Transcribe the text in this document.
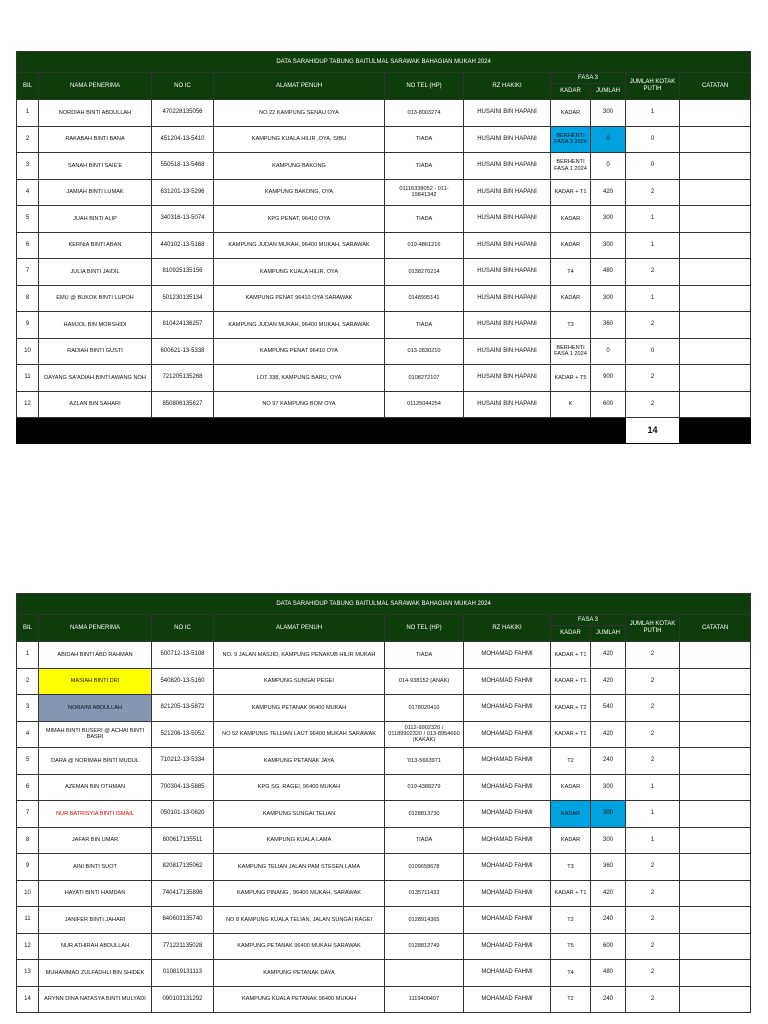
DATA SARAHIDUP TABUNG BAITULMAL SARAWAK BAHAGIAN MUKAH 2024									
BIL	NAMA PENERIMA	NO IC	ALAMAT PENUH	NO TEL (HP)	RZ HAKIKI	FASA 3		JUMLAH KOTAK PUTIH	CATATAN
						KADAR	JUMLAH		
1	NORDIAH BINTI ABDULLAH	470228135056	NO 22 KAMPUNG SENAU OYA	013-8003274	HUSAINI BIN HAPANI	KADAR	300	1	
2	RAKABAH BINTI BANA	451204-13-5410	KAMPUNG KUALA HILIR ,OYA, SIBU	TIADA	HUSAINI BIN HAPANI	BERHENTI FASA 3 2024	0	0	
3	SANAH BINTI SAIE'E	550518-13-5468	KAMPUNG BAKONG	TIADA	HUSAINI BIN HAPANI	BERHENTI FASA 1 2024	0	0	
4	JAMIAH BINTI LUMAK	631201-13-5296	KAMPUNG BAKONG, OYA	01116338052 - 011-19841342	HUSAINI BIN HAPANI	KADAR + T1	420	2	
5	JUAH BINTI ALIP	340316-13-5074	KPG PENAT, 96410 OYA	TIADA	HUSAINI BIN HAPANI	KADAR	300	1	
6	KERNIA BINTI ABAN	440102-13-5168	KAMPUNG JUDAN MUKAH, 96400 MUKAH, SARAWAK	019-4861216	HUSAINI BIN HAPANI	KADAR	300	1	
7	JULIA BINTI JAIDIL	810925135156	KAMPUNG KUALA HILIR, OYA	0138270214	HUSAINI BIN HAPANI	T4	480	2	
8	EMU @ BUKOK BINTI LUPOH	501230135134	KAMPUNG PENAT 96410 OYA SARAWAK	0148995141	HUSAINI BIN HAPANI	KADAR	300	1	
9	HAMJOL BIN MORSHIDI	810424136257	KAMPUNG JUDAN MUKAH, 96400 MUKAH, SARAWAK	TIADA	HUSAINI BIN HAPANI	T3	360	2	
10	RADIAH BINTI GUSTI	600621-13-5338	KAMPUNG PENAT 96410 OYA	013-2830210	HUSAINI BIN HAPANI	BERHENTI FASA 1 2024	0	0	
11	DAYANG SA'ADIAH BINTI AWANG NOH	721205135268	LOT 338, KAMPUNG BARU, OYA	0108272107	HUSAINI BIN HAPANI	KADAR + T5	900	2	
12	AZLAN BIN SAHARI	850806135627	NO 97 KAMPUNG BOM OYA	01125044254	HUSAINI BIN HAPANI	K	600	2	
								14	
DATA SARAHIDUP TABUNG BAITULMAL SARAWAK BAHAGIAN MUKAH 2024									
BIL	NAMA PENERIMA	NO IC	ALAMAT PENUH	NO TEL (HP)	RZ HAKIKI	FASA 3		JUMLAH KOTAK PUTIH	CATATAN
						KADAR	JUMLAH		
1	ABIDAH BINTI ABD RAHMAN	500712-13-5108	NO. 9 JALAN MASJID, KAMPUNG PENAKUB HILIR MUKAH	TIADA	MOHAMAD FAHMI	KADAR + T1	420	2	
2	MASIAH BINTI DRI	540820-13-5160	KAMPUNG SUNGAI PEGEI	014-938152 (ANAK)	MOHAMAD FAHMI	KADAR + T1	420	2	
3	NORAINI ABDULLAH	821205-13-5872	KAMPUNG PETANAK 96400 MUKAH	0178020410	MOHAMAD FAHMI	KADAR + T2	540	2	
4	MIMAH BINTI BUSERI @ ACHAI BINTI BASRI	521206-13-5052	NO 52 KAMPUNG TELLIAN LAUT 96400 MUKAH SARAWAK	0112-9902320 / 01189902320 / 013-8954660 (KAKAK)	MOHAMAD FAHMI	KADAR + T1	420	2	
5	DARA @ NORIMAH BINTI MUDUL	710212-13-5334	KAMPUNG PETANAK JAYA	'013-5663971	MOHAMAD FAHMI	T2	240	2	
6	AZEMAN BIN OTHMAN	700304-13-5885	KPG SG. RAGEI, 96400 MUKAH	019-4388279	MOHAMAD FAHMI	KADAR	300	1	
7	NUR BATRISYIA BINTI ISMAIL	050101-13-0820	KAMPUNG SUNGAI TELIAN	0128813730	MOHAMAD FAHMI	KADAR	300	1	
8	JAFAR BIN UMAR	600617135511	KAMPUNG KUALA LAMA	TIADA	MOHAMAD FAHMI	KADAR	300	1	
9	AINI BINTI SUOT	820817135062	KAMPUNG TELIAN JALAN PAM STESEN LAMA	0109658678	MOHAMAD FAHMI	T3	360	2	
10	HAYATI BINTI HAMDAN	740417135896	KAMPUNG PINANG , 96400 MUKAH, SARAWAK	0135711433	MOHAMAD FAHMI	KADAR + T1	420	2	
11	JANIFER BINTI JAHARI	840603135740	NO 8 KAMPUNG KUALA TELIAN, JALAN SUNGAI RAGEI	0128914365	MOHAMAD FAHMI	T2	240	2	
12	NUR ATHIRAH ABDULLAH	771221135028	KAMPUNG PETANAK 96400 MUKAH SARAWAK	0128812749	MOHAMAD FAHMI	T5	600	2	
13	MUHAMMAD ZULFADHLI BIN SHIDEK	010819131113	KAMPUNG PETANAK DAYA		MOHAMAD FAHMI	T4	480	2	
14	ARYNN DINA NATASYA BINTI MULYADI	090103131292	KAMPUNG KUALA PETANAK 96400 MUKAH	1119400407	MOHAMAD FAHMI	T2	240	2	
